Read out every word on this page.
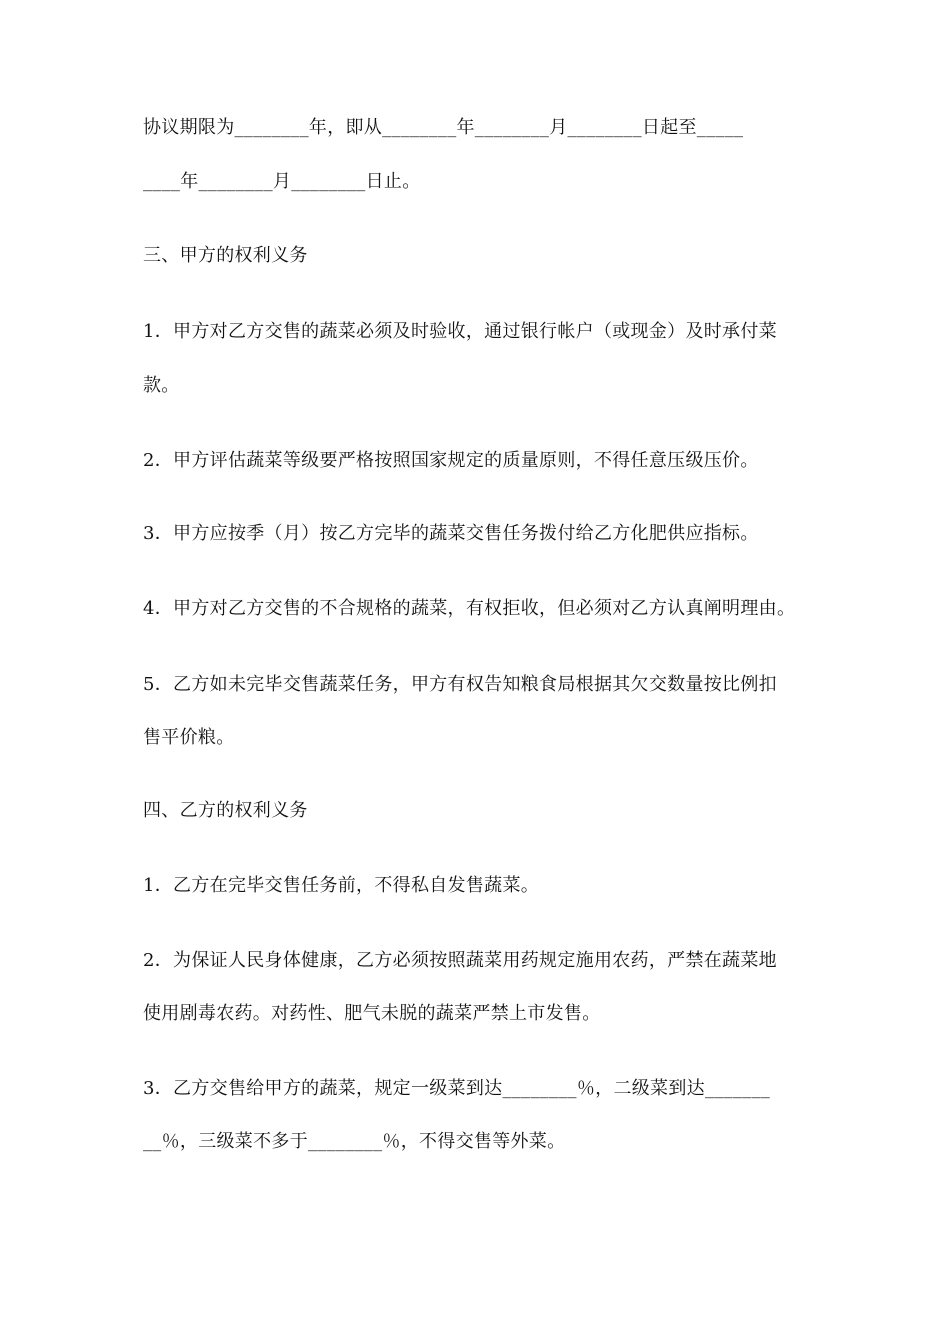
协议期限为________年，即从________年________月________日起至_____
____年________月________日止。
三、甲方的权利义务
1．甲方对乙方交售的蔬菜必须及时验收，通过银行帐户（或现金）及时承付菜
款。
2．甲方评估蔬菜等级要严格按照国家规定的质量原则，不得任意压级压价。
3．甲方应按季（月）按乙方完毕的蔬菜交售任务拨付给乙方化肥供应指标。
4．甲方对乙方交售的不合规格的蔬菜，有权拒收，但必须对乙方认真阐明理由。
5．乙方如未完毕交售蔬菜任务，甲方有权告知粮食局根据其欠交数量按比例扣
售平价粮。
四、乙方的权利义务
1．乙方在完毕交售任务前，不得私自发售蔬菜。
2．为保证人民身体健康，乙方必须按照蔬菜用药规定施用农药，严禁在蔬菜地
使用剧毒农药。对药性、肥气未脱的蔬菜严禁上市发售。
3．乙方交售给甲方的蔬菜，规定一级菜到达________％，二级菜到达_______
__％，三级菜不多于________％，不得交售等外菜。
